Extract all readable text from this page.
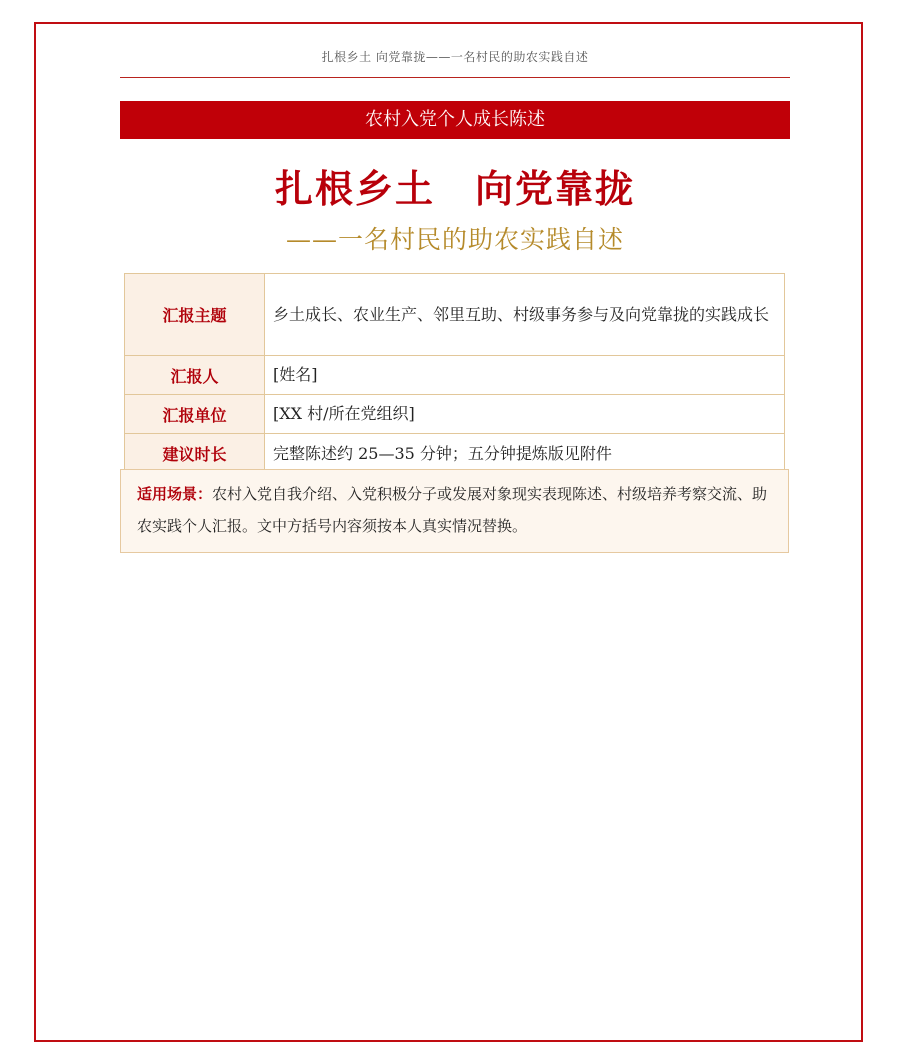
扎根乡土 向党靠拢——一名村民的助农实践自述
农村入党个人成长陈述
扎根乡土　向党靠拢
——一名村民的助农实践自述
汇报主题	乡土成长、农业生产、邻里互助、村级事务参与及向党靠拢的实践成长
汇报人	[姓名]
汇报单位	[XX 村/所在党组织]
建议时长	完整陈述约 25—35 分钟；五分钟提炼版见附件
适用场景：农村入党自我介绍、入党积极分子或发展对象现实表现陈述、村级培养考察交流、助农实践个人汇报。文中方括号内容须按本人真实情况替换。
